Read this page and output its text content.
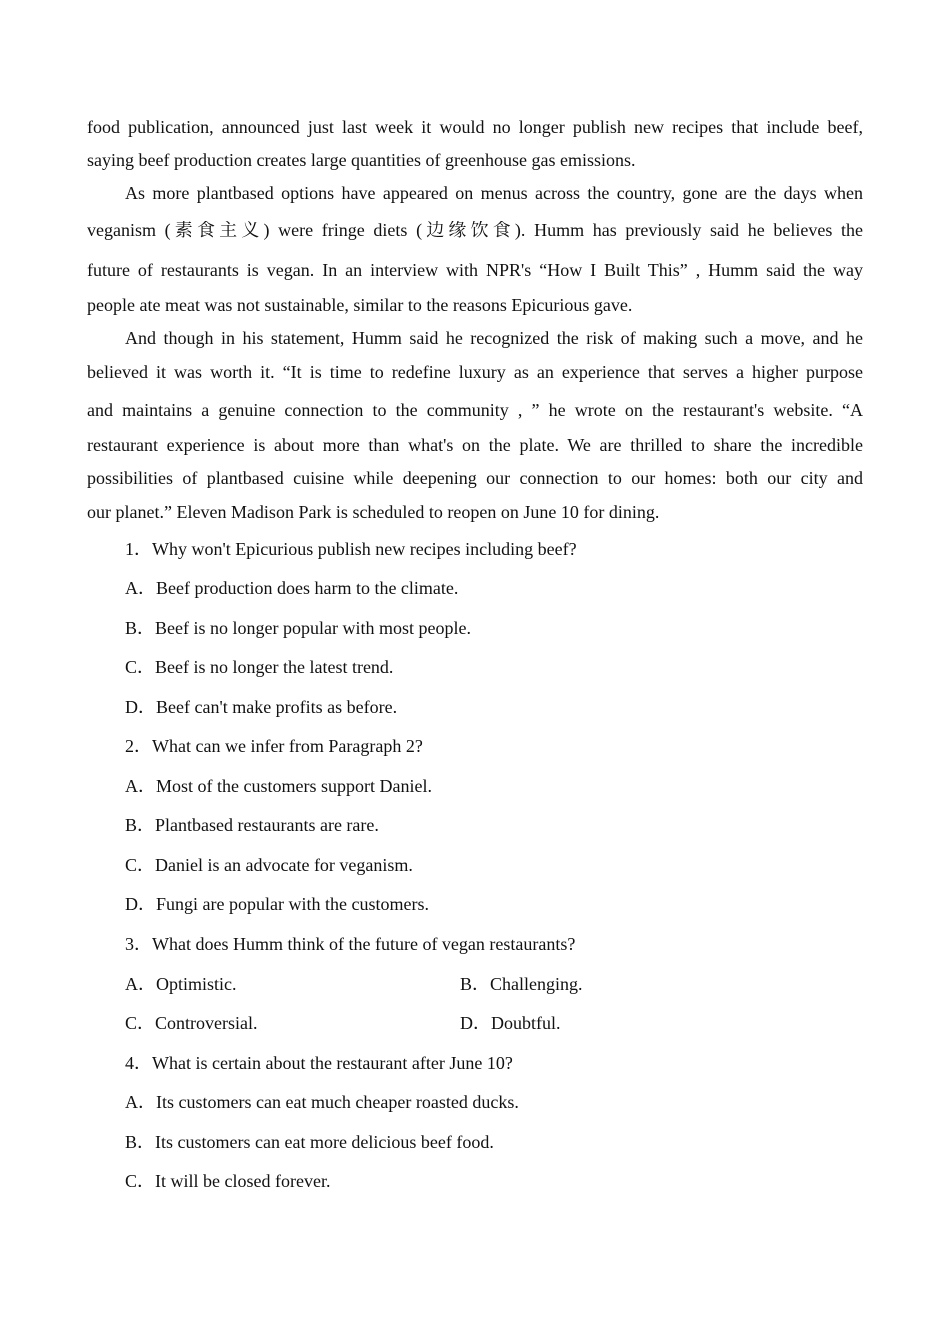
food publication, announced just last week it would no longer publish new recipes that include beef,
saying beef production creates large quantities of greenhouse gas emissions.
As more plantbased options have appeared on menus across the country, gone are the days when
veganism (素食主义) were fringe diets (边缘饮食). Humm has previously said he believes the
future of restaurants is vegan. In an interview with NPR's “How I Built This” , Humm said the way
people ate meat was not sustainable, similar to the reasons Epicurious gave.
And though in his statement, Humm said he recognized the risk of making such a move, and he
believed it was worth it. “It is time to redefine luxury as an experience that serves a higher purpose
and maintains a genuine connection to the community , ” he wrote on the restaurant's website. “A
restaurant experience is about more than what's on the plate. We are thrilled to share the incredible
possibilities of plantbased cuisine while deepening our connection to our homes: both our city and
our planet.” Eleven Madison Park is scheduled to reopen on June 10 for dining.
1．Why won't Epicurious publish new recipes including beef?
A．Beef production does harm to the climate.
B．Beef is no longer popular with most people.
C．Beef is no longer the latest trend.
D．Beef can't make profits as before.
2．What can we infer from Paragraph 2?
A．Most of the customers support Daniel.
B．Plantbased restaurants are rare.
C．Daniel is an advocate for veganism.
D．Fungi are popular with the customers.
3．What does Humm think of the future of vegan restaurants?
A．Optimistic.	B．Challenging.
C．Controversial.	D．Doubtful.
4．What is certain about the restaurant after June 10?
A．Its customers can eat much cheaper roasted ducks.
B．Its customers can eat more delicious beef food.
C．It will be closed forever.
